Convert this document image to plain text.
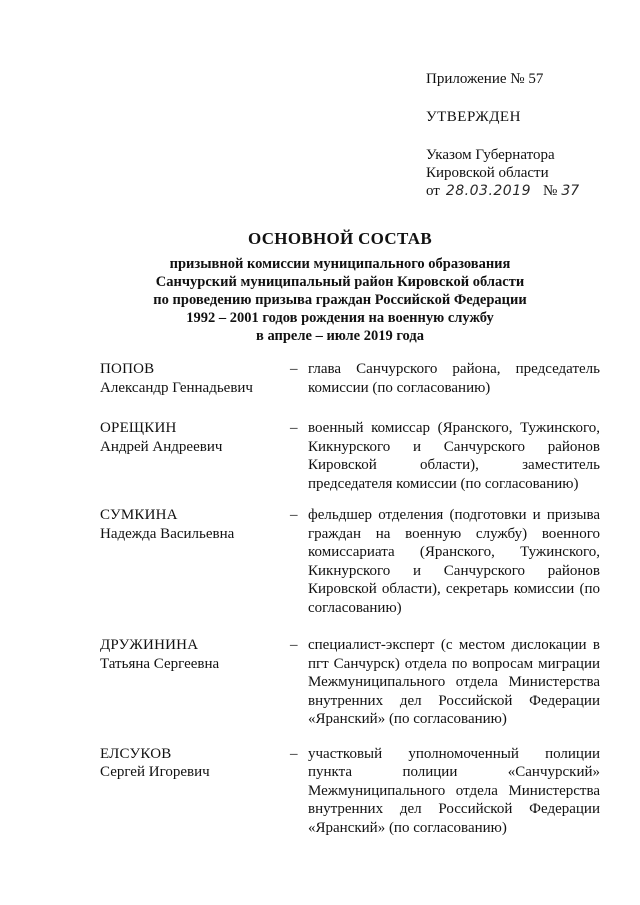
Приложение № 57
УТВЕРЖДЕН
Указом Губернатора
Кировской области
от 28.03.2019 № 37
ОСНОВНОЙ СОСТАВ
призывной комиссии муниципального образования
Санчурский муниципальный район Кировской области
по проведению призыва граждан Российской Федерации
1992 – 2001 годов рождения на военную службу
в апреле – июле 2019 года
ПОПОВ
Александр Геннадьевич
– глава Санчурского района, председатель комиссии (по согласованию)
ОРЕЩКИН
Андрей Андреевич
– военный комиссар (Яранского, Тужинского, Кикнурского и Санчурского районов Кировской области), заместитель председателя комиссии (по согласованию)
СУМКИНА
Надежда Васильевна
– фельдшер отделения (подготовки и призыва граждан на военную службу) военного комиссариата (Яранского, Тужинского, Кикнурского и Санчурского районов Кировской области), секретарь комиссии (по согласованию)
ДРУЖИНИНА
Татьяна Сергеевна
– специалист-эксперт (с местом дислокации в пгт Санчурск) отдела по вопросам миграции Межмуниципального отдела Министерства внутренних дел Российской Федерации «Яранский» (по согласованию)
ЕЛСУКОВ
Сергей Игоревич
– участковый уполномоченный полиции пункта полиции «Санчурский» Межмуниципального отдела Министерства внутренних дел Российской Федерации «Яранский» (по согласованию)
